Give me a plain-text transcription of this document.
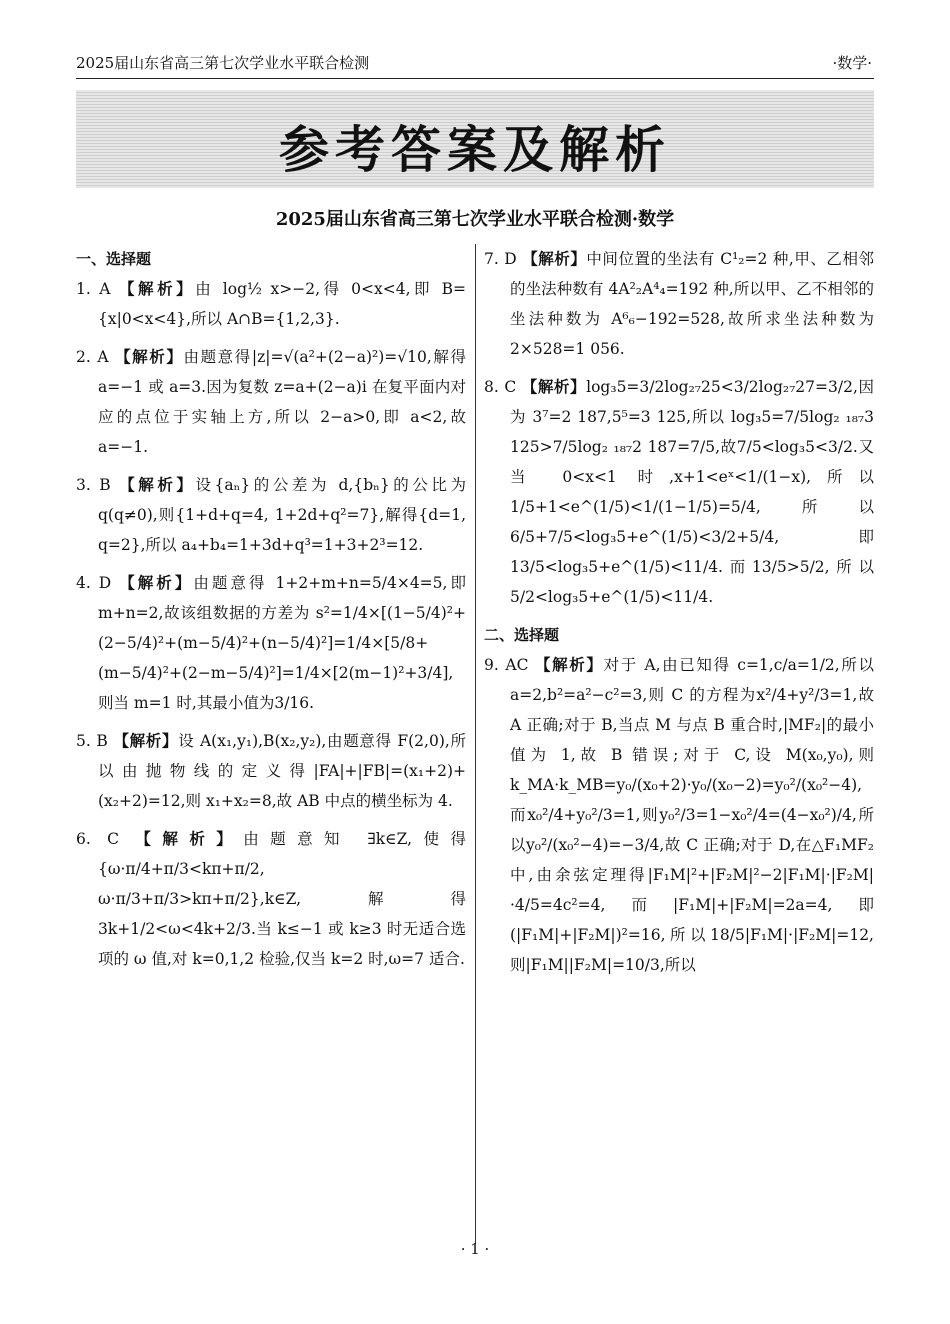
2025届山东省高三第七次学业水平联合检测	·数学·
参考答案及解析
2025届山东省高三第七次学业水平联合检测·数学
一、选择题
1. A 【解析】由 log½ x>−2,得 0<x<4,即 B={x|0<x<4},所以 A∩B={1,2,3}.
2. A 【解析】由题意得|z|=√(a²+(2−a)²)=√10,解得 a=−1 或 a=3.因为复数 z=a+(2−a)i 在复平面内对应的点位于实轴上方,所以 2−a>0,即 a<2,故 a=−1.
3. B 【解析】设{aₙ}的公差为 d,{bₙ}的公比为 q(q≠0),则{1+d+q=4, 1+2d+q²=7},解得{d=1, q=2},所以 a₄+b₄=1+3d+q³=1+3+2³=12.
4. D 【解析】由题意得 1+2+m+n=5/4×4=5,即 m+n=2,故该组数据的方差为 s²=1/4×[(1−5/4)²+(2−5/4)²+(m−5/4)²+(n−5/4)²]=1/4×[5/8+(m−5/4)²+(2−m−5/4)²]=1/4×[2(m−1)²+3/4],则当 m=1 时,其最小值为3/16.
5. B 【解析】设 A(x₁,y₁),B(x₂,y₂),由题意得 F(2,0),所以由抛物线的定义得|FA|+|FB|=(x₁+2)+(x₂+2)=12,则 x₁+x₂=8,故 AB 中点的横坐标为 4.
6. C 【解析】由题意知 ∃k∈Z,使得{ω·π/4+π/3<kπ+π/2, ω·π/3+π/3>kπ+π/2},k∈Z,解得 3k+1/2<ω<4k+2/3.当 k≤−1 或 k≥3 时无适合选项的 ω 值,对 k=0,1,2 检验,仅当 k=2 时,ω=7 适合.
7. D 【解析】中间位置的坐法有 C¹₂=2 种,甲、乙相邻的坐法种数有 4A²₂A⁴₄=192 种,所以甲、乙不相邻的坐法种数为 A⁶₆−192=528,故所求坐法种数为 2×528=1 056.
8. C 【解析】log₃5=3/2log₂₇25<3/2log₂₇27=3/2,因为 3⁷=2 187,5⁵=3 125,所以 log₃5=7/5log₂ ₁₈₇3 125>7/5log₂ ₁₈₇2 187=7/5,故7/5<log₃5<3/2.又当 0<x<1 时,x+1<eˣ<1/(1−x),所以1/5+1<e^(1/5)<1/(1−1/5)=5/4,所以6/5+7/5<log₃5+e^(1/5)<3/2+5/4,即13/5<log₃5+e^(1/5)<11/4.而13/5>5/2,所以5/2<log₃5+e^(1/5)<11/4.
二、选择题
9. AC 【解析】对于 A,由已知得 c=1,c/a=1/2,所以 a=2,b²=a²−c²=3,则 C 的方程为x²/4+y²/3=1,故 A 正确;对于 B,当点 M 与点 B 重合时,|MF₂|的最小值为 1,故 B 错误;对于 C,设 M(x₀,y₀),则 k_MA·k_MB=y₀/(x₀+2)·y₀/(x₀−2)=y₀²/(x₀²−4),而x₀²/4+y₀²/3=1,则y₀²/3=1−x₀²/4=(4−x₀²)/4,所以y₀²/(x₀²−4)=−3/4,故 C 正确;对于 D,在△F₁MF₂中,由余弦定理得|F₁M|²+|F₂M|²−2|F₁M|·|F₂M|·4/5=4c²=4,而|F₁M|+|F₂M|=2a=4,即(|F₁M|+|F₂M|)²=16,所以18/5|F₁M|·|F₂M|=12,则|F₁M||F₂M|=10/3,所以
· 1 ·
